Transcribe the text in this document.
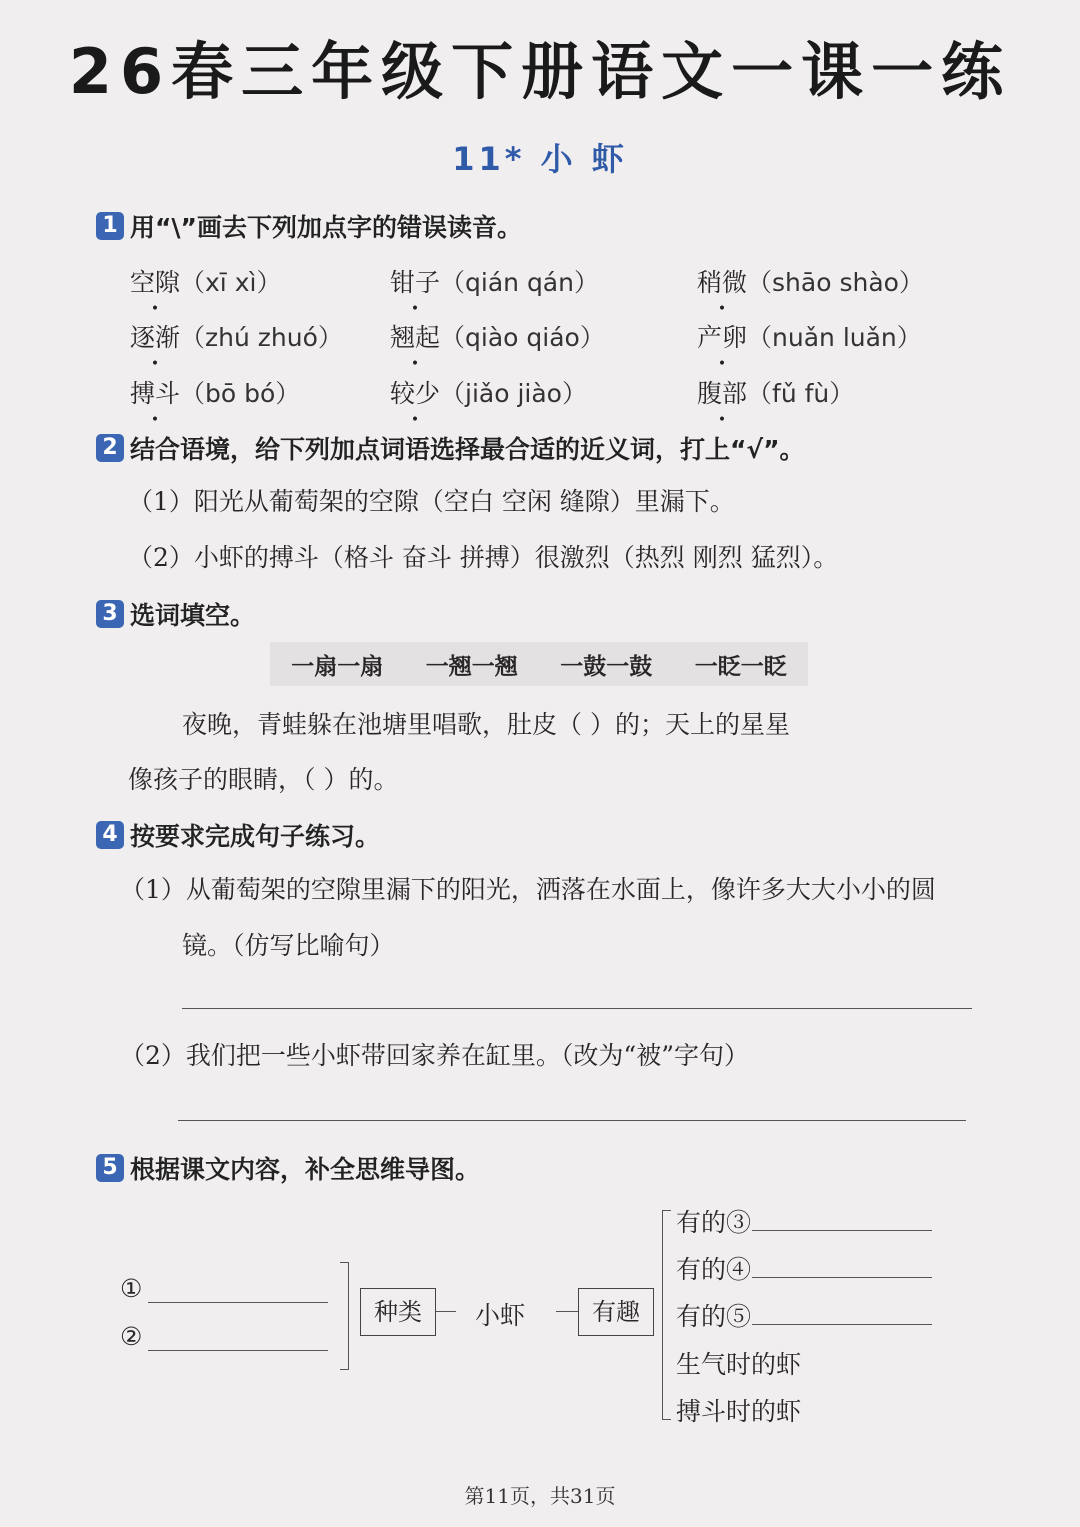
26春三年级下册语文一课一练
11* 小 虾
1 用“\”画去下列加点字的错误读音。
空隙（xī xì）	钳子（qián qán）	稍微（shāo shào）
逐渐（zhú zhuó） 翘起（qiào qiáo）	产卵（nuǎn luǎn）
搏斗（bō bó）	较少（jiǎo jiào）	腹部（fǔ fù）
2 结合语境，给下列加点词语选择最合适的近义词，打上“√”。
（1）阳光从葡萄架的空隙（空白 空闲 缝隙）里漏下。
（2）小虾的搏斗（格斗 奋斗 拼搏）很激烈（热烈 刚烈 猛烈）。
3 选词填空。
一扇一扇 一翘一翘 一鼓一鼓 一眨一眨
夜晚，青蛙躲在池塘里唱歌，肚皮（ ）的；天上的星星
像孩子的眼睛，（ ）的。
4 按要求完成句子练习。
（1）从葡萄架的空隙里漏下的阳光，洒落在水面上，像许多大大小小的圆
镜。（仿写比喻句）
（2）我们把一些小虾带回家养在缸里。（改为“被”字句）
5 根据课文内容，补全思维导图。
①
②
种类	小虾	有趣
有的③
有的④
有的⑤
生气时的虾
搏斗时的虾
第11页，共31页
